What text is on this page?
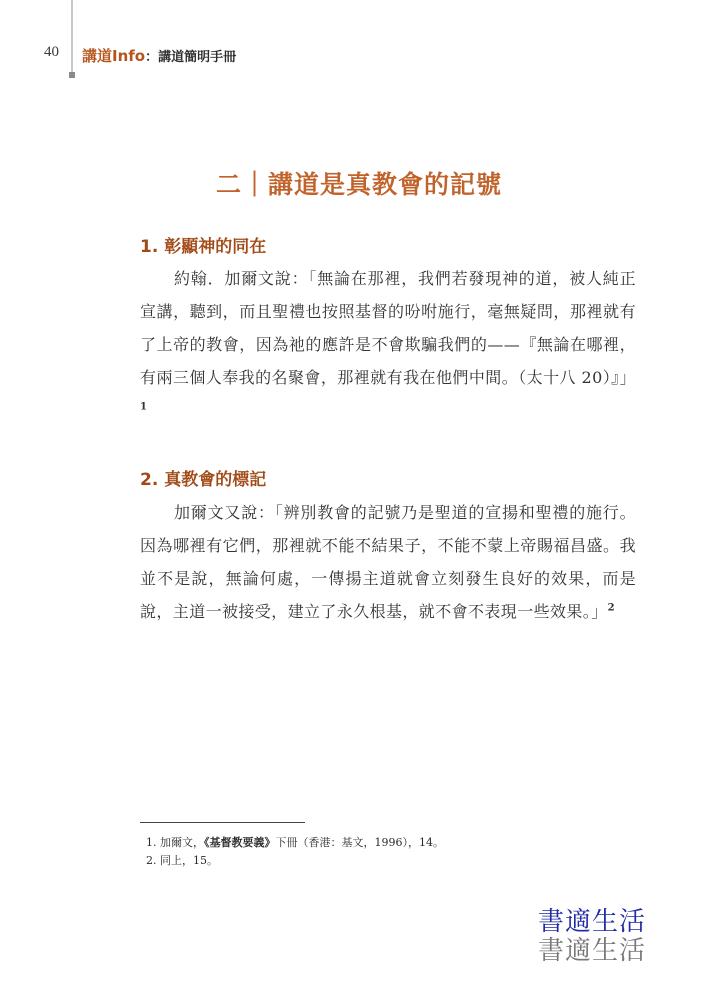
40 講道Info：講道簡明手冊
二｜講道是真教會的記號
1. 彰顯神的同在

約翰．加爾文說：「無論在那裡，我們若發現神的道，被人純正宣講，聽到，而且聖禮也按照基督的吩咐施行，毫無疑問，那裡就有了上帝的教會，因為祂的應許是不會欺騙我們的——『無論在哪裡，有兩三個人奉我的名聚會，那裡就有我在他們中間。（太十八 20）』」$^1$

2. 真教會的標記

加爾文又說：「辨別教會的記號乃是聖道的宣揚和聖禮的施行。因為哪裡有它們，那裡就不能不結果子，不能不蒙上帝賜福昌盛。我並不是說，無論何處，一傳揚主道就會立刻發生良好的效果，而是說，主道一被接受，建立了永久根基，就不會不表現一些效果。」$^2$

1. 加爾文，《基督教要義》下冊（香港：基文，1996），14。
2. 同上，15。
書適生活
書適生活
